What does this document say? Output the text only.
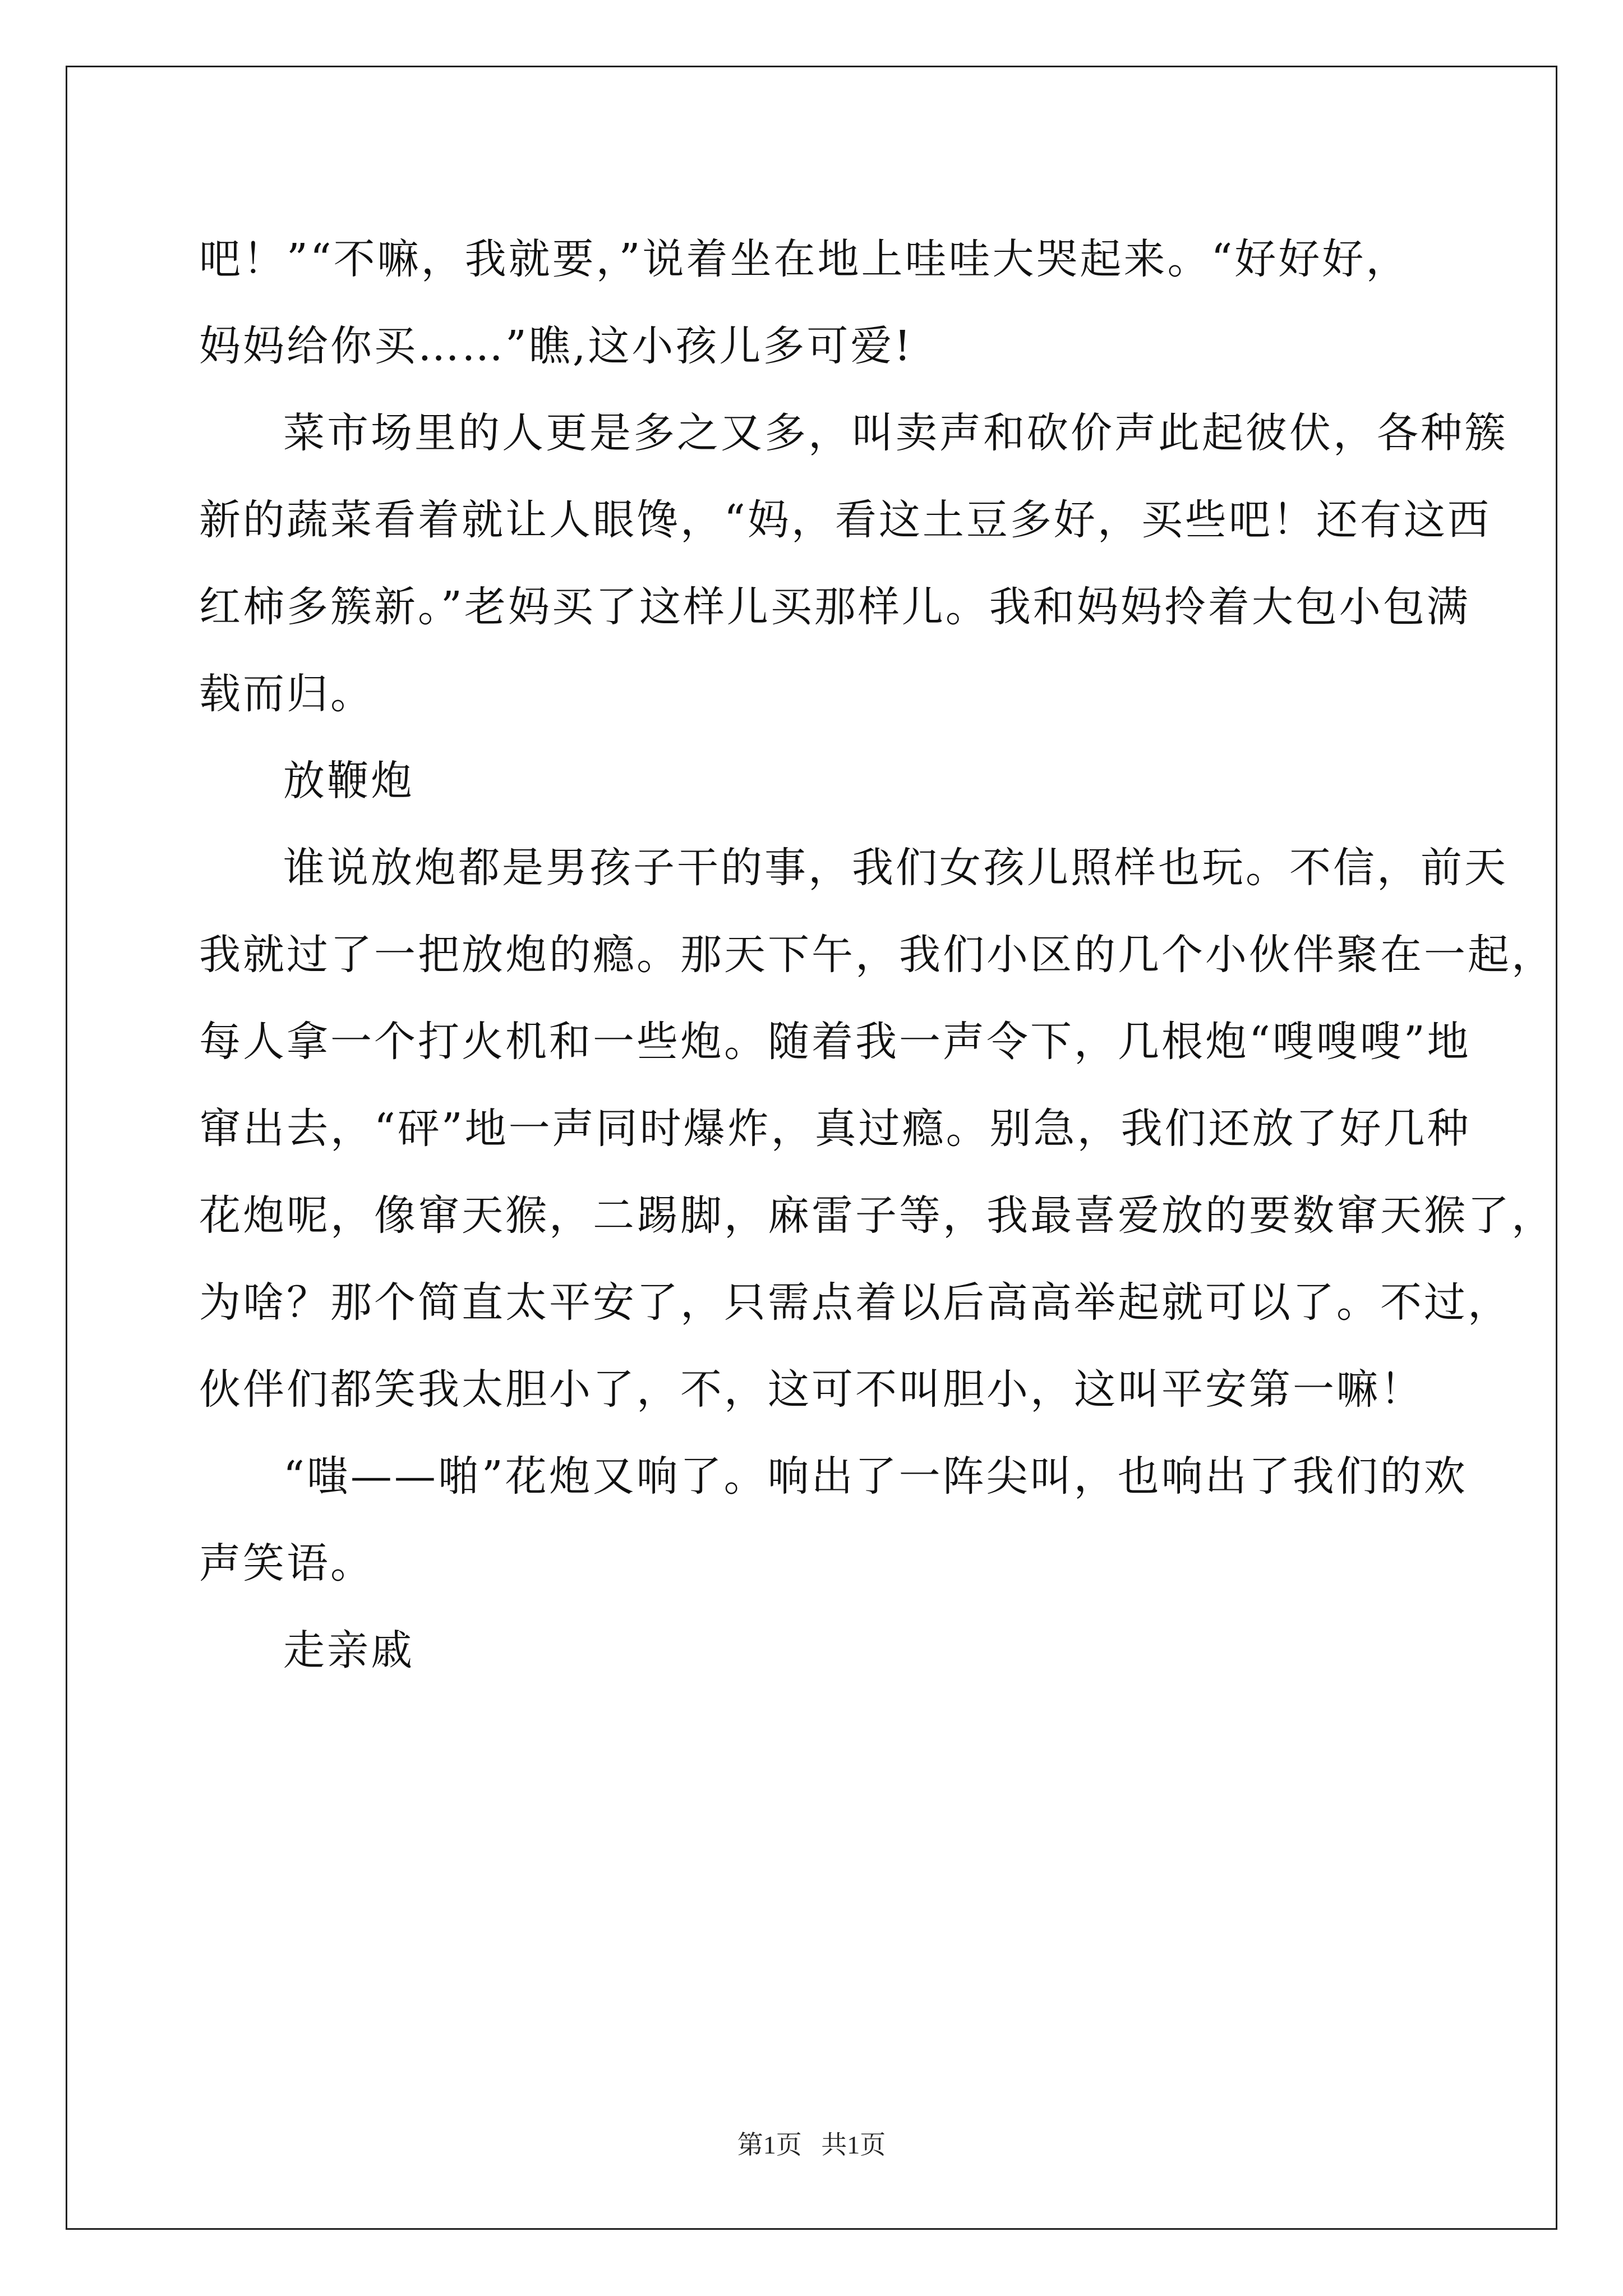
吧！”“不嘛，我就要，”说着坐在地上哇哇大哭起来。“好好好，
妈妈给你买……”瞧,这小孩儿多可爱!
菜市场里的人更是多之又多，叫卖声和砍价声此起彼伏，各种簇
新的蔬菜看着就让人眼馋，“妈，看这土豆多好，买些吧！还有这西
红柿多簇新。”老妈买了这样儿买那样儿。我和妈妈拎着大包小包满
载而归。
放鞭炮
谁说放炮都是男孩子干的事，我们女孩儿照样也玩。不信，前天
我就过了一把放炮的瘾。那天下午，我们小区的几个小伙伴聚在一起，
每人拿一个打火机和一些炮。随着我一声令下，几根炮“嗖嗖嗖”地
窜出去，“砰”地一声同时爆炸，真过瘾。别急，我们还放了好几种
花炮呢，像窜天猴，二踢脚，麻雷子等，我最喜爱放的要数窜天猴了，
为啥？那个简直太平安了，只需点着以后高高举起就可以了。不过，
伙伴们都笑我太胆小了，不，这可不叫胆小，这叫平安第一嘛！
“嗤——啪”花炮又响了。响出了一阵尖叫，也响出了我们的欢
声笑语。
走亲戚
第1页   共1页
